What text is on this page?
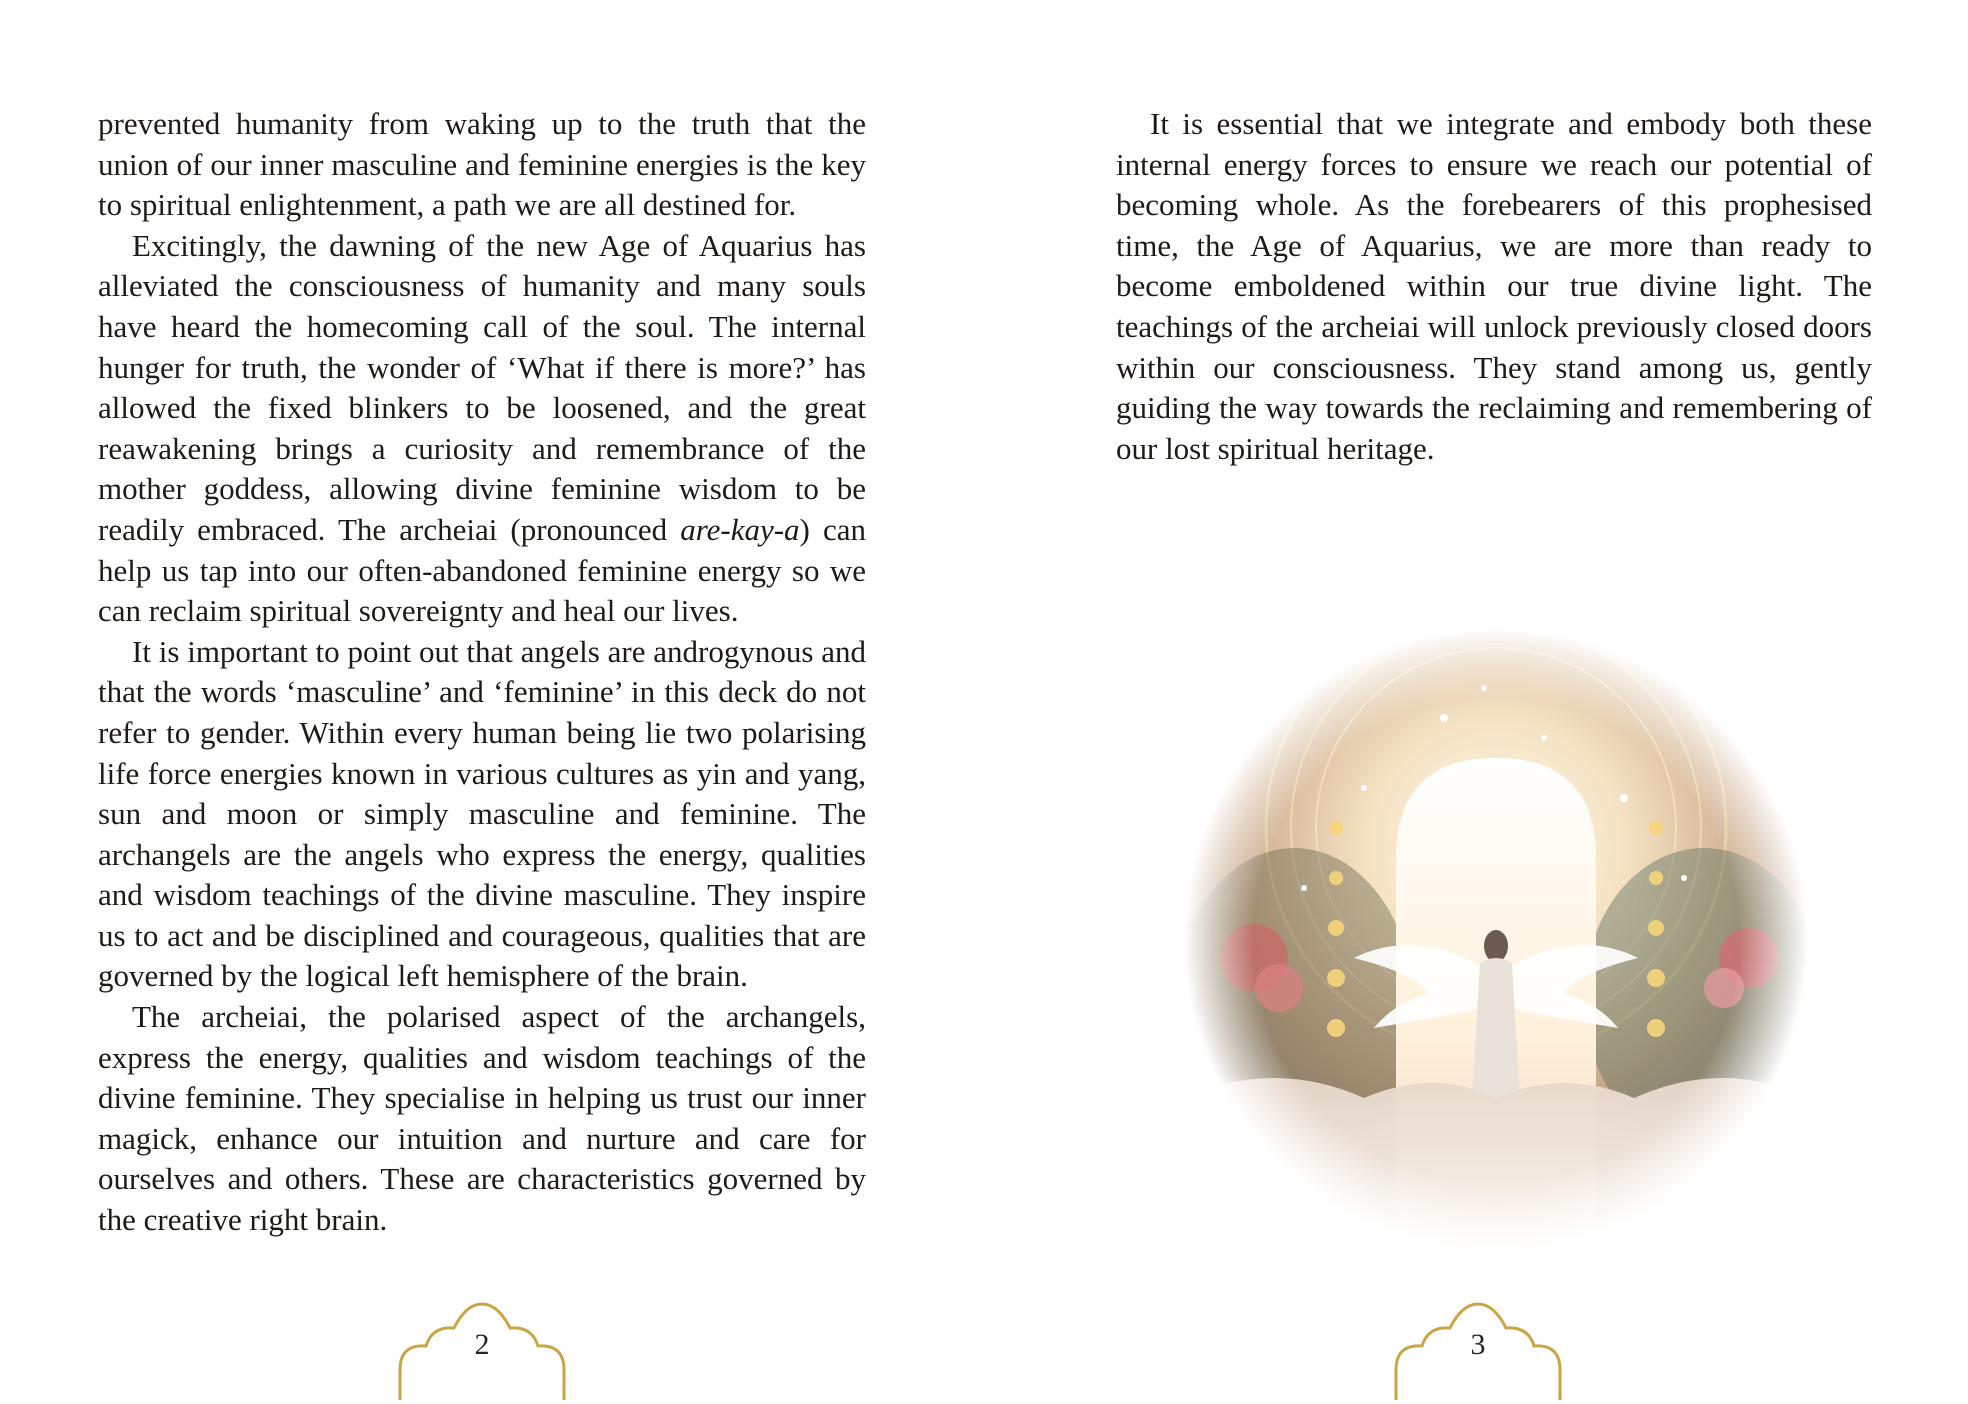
prevented humanity from waking up to the truth that the union of our inner masculine and feminine energies is the key to spiritual enlightenment, a path we are all destined for.

Excitingly, the dawning of the new Age of Aquarius has alleviated the consciousness of humanity and many souls have heard the homecoming call of the soul. The internal hunger for truth, the wonder of ‘What if there is more?’ has allowed the fixed blinkers to be loosened, and the great reawakening brings a curiosity and remembrance of the mother goddess, allowing divine feminine wisdom to be readily embraced. The archeiai (pronounced are-kay-a) can help us tap into our often-abandoned feminine energy so we can reclaim spiritual sovereignty and heal our lives.

It is important to point out that angels are androgynous and that the words ‘masculine’ and ‘feminine’ in this deck do not refer to gender. Within every human being lie two polarising life force energies known in various cultures as yin and yang, sun and moon or simply masculine and feminine. The archangels are the angels who express the energy, qualities and wisdom teachings of the divine masculine. They inspire us to act and be disciplined and courageous, qualities that are governed by the logical left hemisphere of the brain.

The archeiai, the polarised aspect of the archangels, express the energy, qualities and wisdom teachings of the divine feminine. They specialise in helping us trust our inner magick, enhance our intuition and nurture and care for ourselves and others. These are characteristics governed by the creative right brain.

2

It is essential that we integrate and embody both these internal energy forces to ensure we reach our potential of becoming whole. As the forebearers of this prophesised time, the Age of Aquarius, we are more than ready to become emboldened within our true divine light. The teachings of the archeiai will unlock previously closed doors within our consciousness. They stand among us, gently guiding the way towards the reclaiming and remembering of our lost spiritual heritage.

3
